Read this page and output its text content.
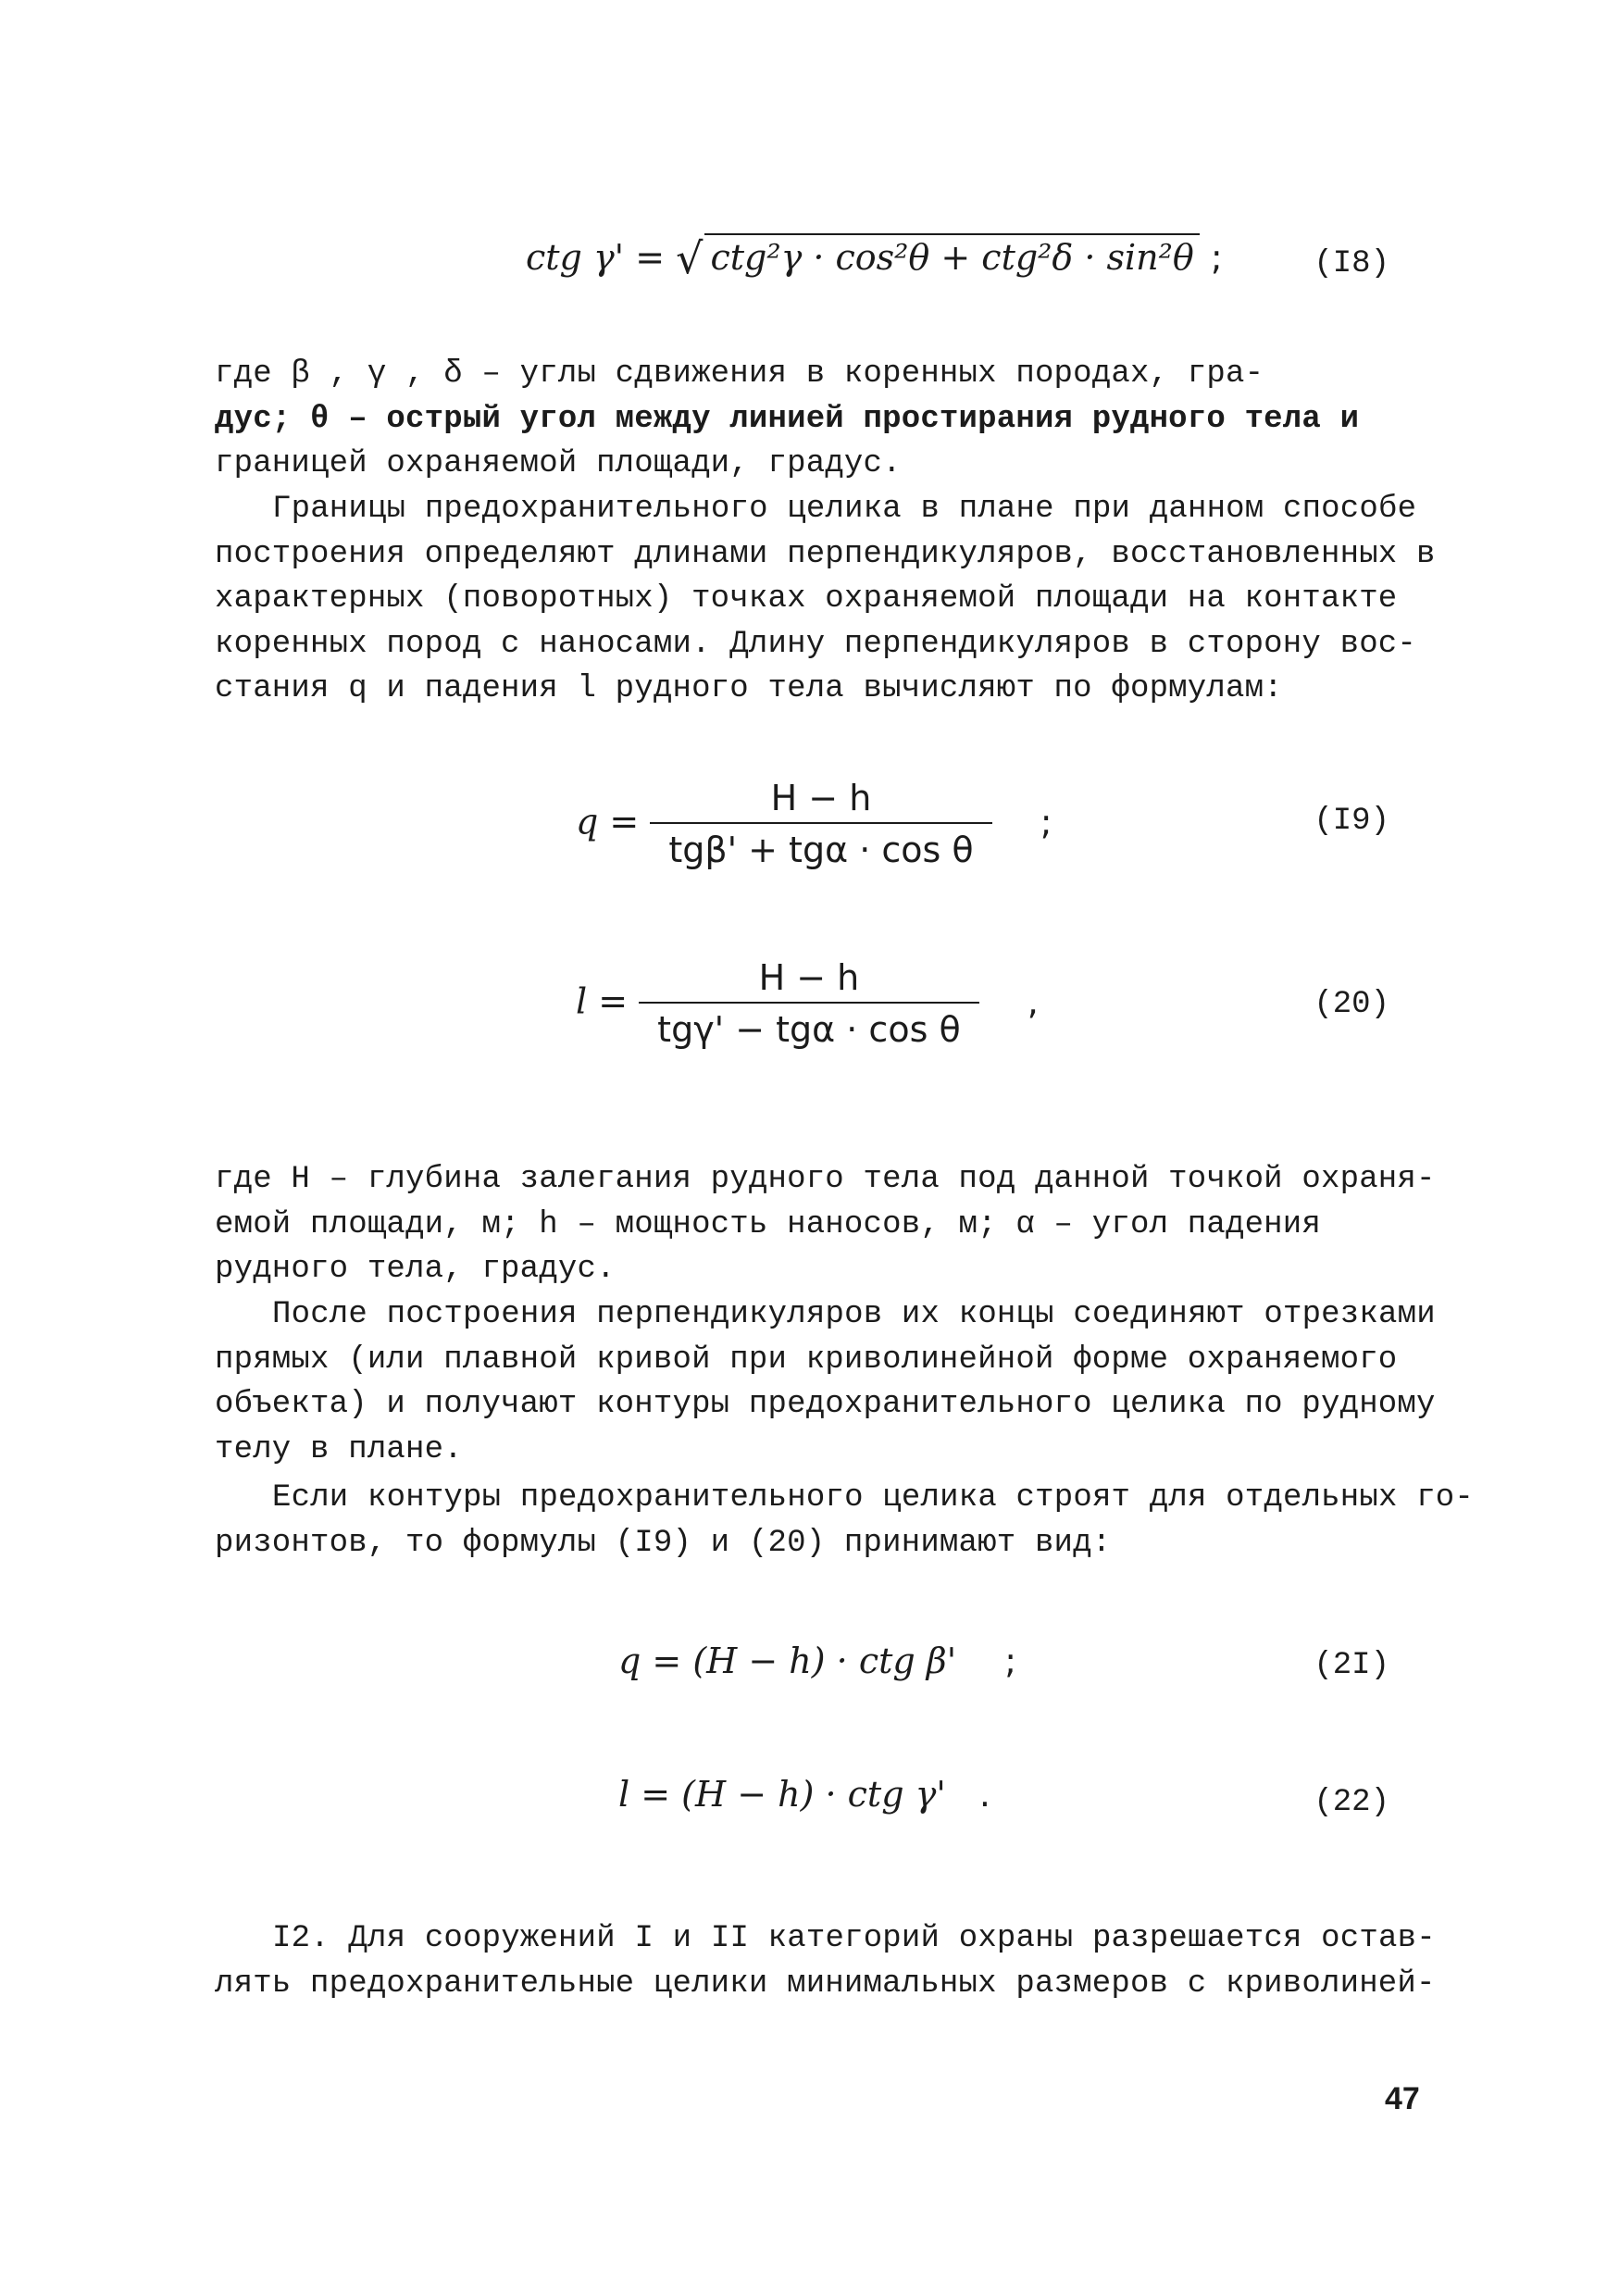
ctg γ' = √ ctg²γ · cos²θ + ctg²δ · sin²θ ;	(I8)
где β , γ , δ – углы сдвижения в коренных породах, гра-
дус; θ – острый угол между линией простирания рудного тела и
границей охраняемой площади, градус.
Границы предохранительного целика в плане при данном способе
построения определяют длинами перпендикуляров, восстановленных в
характерных (поворотных) точках охраняемой площади на контакте
коренных пород с наносами. Длину перпендикуляров в сторону вос-
стания q и падения l рудного тела вычисляют по формулам:
$q = \frac{H - h}{\text{tgβ' + tgα · cos θ}}$ ;	(I9)
$l = \frac{H - h}{\text{tgγ' − tgα · cos θ}}$ ,	(20)
где H – глубина залегания рудного тела под данной точкой охраня-
емой площади, м; h – мощность наносов, м; α – угол падения
рудного тела, градус.
После построения перпендикуляров их концы соединяют отрезками
прямых (или плавной кривой при криволинейной форме охраняемого
объекта) и получают контуры предохранительного целика по рудному
телу в плане.
Если контуры предохранительного целика строят для отдельных го-
ризонтов, то формулы (I9) и (20) принимают вид:
q = (H − h) · ctg β' ;	(2I)
l = (H − h) · ctg γ' .	(22)
I2. Для сооружений I и II категорий охраны разрешается остав-
лять предохранительные целики минимальных размеров с криволиней-
47
